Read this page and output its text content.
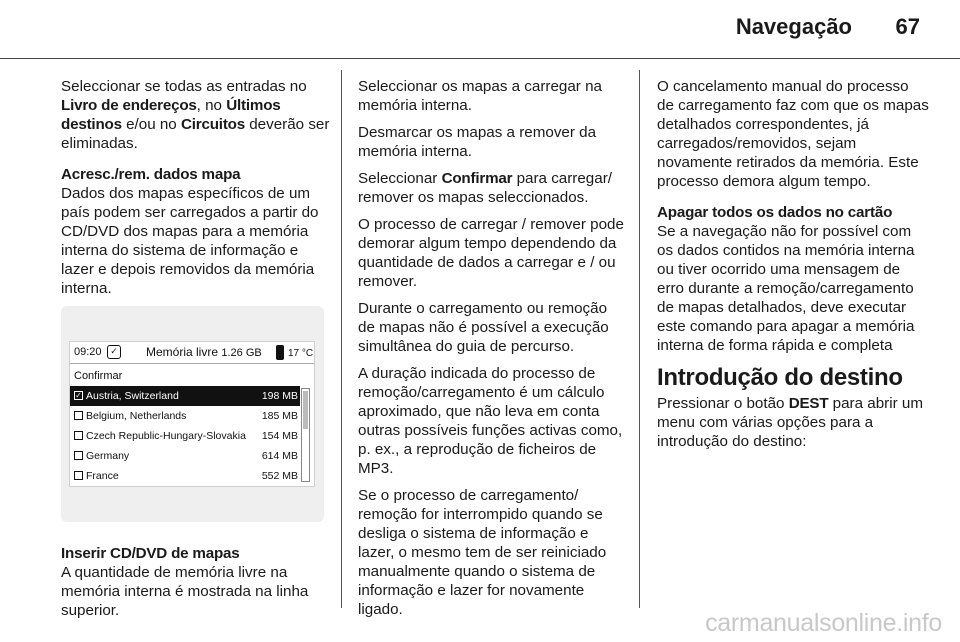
Navegação 67

Seleccionar se todas as entradas no Livro de endereços, no Últimos destinos e/ou no Circuitos deverão ser eliminadas.

Acresc./rem. dados mapa
Dados dos mapas específicos de um país podem ser carregados a partir do CD/DVD dos mapas para a memória interna do sistema de informação e lazer e depois removidos da memória interna.

09:20 ✓ Memória livre 1.26 GB	17 °C
Confirmar
✓ Austria, Switzerland	198 MB
Belgium, Netherlands	185 MB
Czech Republic-Hungary-Slovakia 154 MB
Germany	614 MB
France	552 MB

Inserir CD/DVD de mapas
A quantidade de memória livre na memória interna é mostrada na linha superior.

Seleccionar os mapas a carregar na memória interna.

Desmarcar os mapas a remover da memória interna.

Seleccionar Confirmar para carregar/ remover os mapas seleccionados.

O processo de carregar / remover pode demorar algum tempo dependendo da quantidade de dados a carregar e / ou remover.

Durante o carregamento ou remoção de mapas não é possível a execução simultânea do guia de percurso.

A duração indicada do processo de remoção/carregamento é um cálculo aproximado, que não leva em conta outras possíveis funções activas como, p. ex., a reprodução de ficheiros de MP3.

Se o processo de carregamento/ remoção for interrompido quando se desliga o sistema de informação e lazer, o mesmo tem de ser reiniciado manualmente quando o sistema de informação e lazer for novamente ligado.

O cancelamento manual do processo de carregamento faz com que os mapas detalhados correspondentes, já carregados/removidos, sejam novamente retirados da memória. Este processo demora algum tempo.

Apagar todos os dados no cartão
Se a navegação não for possível com os dados contidos na memória interna ou tiver ocorrido uma mensagem de erro durante a remoção/carregamento de mapas detalhados, deve executar este comando para apagar a memória interna de forma rápida e completa

Introdução do destino

Pressionar o botão DEST para abrir um menu com várias opções para a introdução do destino:

carmanualsonline.info
